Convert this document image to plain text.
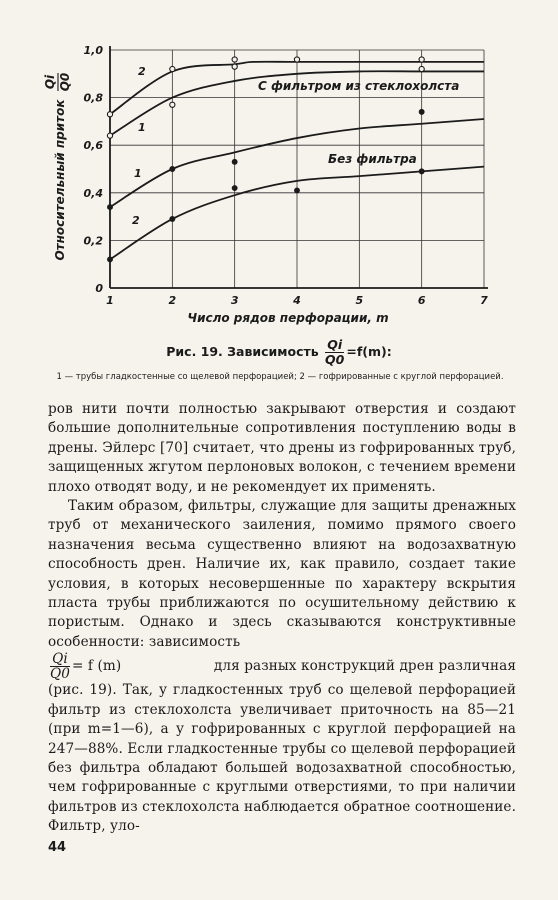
1	2	3	4	5	6	7
0
0,2
0,4
0,6
0,8
1,0
Относительный приток
Qi Q0
Число рядов перфорации, m
С фильтром из стеклохолста
Без фильтра
2
1
1
2
Рис. 19. Зависимость $\frac{Qi}{Q0} =f(m)$:
1 — трубы гладкостенные со щелевой перфорацией; 2 — гофрированные с круглой перфорацией.

ров нити почти полностью закрывают отверстия и создают большие дополнительные сопротивления поступлению воды в дрены. Эйлерс [70] считает, что дрены из гофрированных труб, защищенных жгутом перлоновых волокон, с течением времени плохо отводят воду, и не рекомендует их применять.

Таким образом, фильтры, служащие для защиты дренажных труб от механического заиления, помимо прямого своего назначения весьма существенно влияют на водозахватную способность дрен. Наличие их, как правило, создает такие условия, в которых несовершенные по характеру вскрытия пласта трубы приближаются по осушительному действию к пористым. Однако и здесь сказываются конструктивные особенности: зависимость

$\frac{Qi}{Q0} = f$ (m)	для разных конструкций дрен различная

(рис. 19). Так, у гладкостенных труб со щелевой перфорацией фильтр из стеклохолста увеличивает приточность на 85—21 (при m=1—6), а у гофрированных с круглой перфорацией на 247—88%. Если гладкостенные трубы со щелевой перфорацией без фильтра обладают большей водозахватной способностью, чем гофрированные с круглыми отверстиями, то при наличии фильтров из стеклохолста наблюдается обратное соотношение. Фильтр, уло-

44
